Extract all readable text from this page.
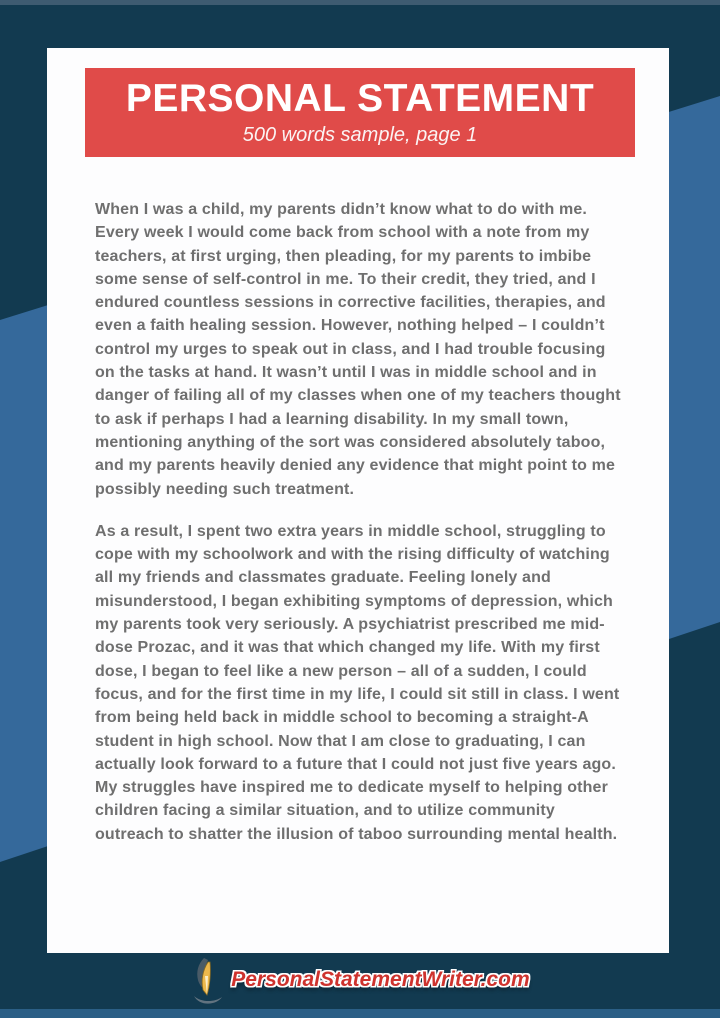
PERSONAL STATEMENT
500 words sample, page 1
When I was a child, my parents didn’t know what to do with me.
Every week I would come back from school with a note from my
teachers, at first urging, then pleading, for my parents to imbibe
some sense of self-control in me. To their credit, they tried, and I
endured countless sessions in corrective facilities, therapies, and
even a faith healing session. However, nothing helped – I couldn’t
control my urges to speak out in class, and I had trouble focusing
on the tasks at hand. It wasn’t until I was in middle school and in
danger of failing all of my classes when one of my teachers thought
to ask if perhaps I had a learning disability. In my small town,
mentioning anything of the sort was considered absolutely taboo,
and my parents heavily denied any evidence that might point to me
possibly needing such treatment.
As a result, I spent two extra years in middle school, struggling to
cope with my schoolwork and with the rising difficulty of watching
all my friends and classmates graduate. Feeling lonely and
misunderstood, I began exhibiting symptoms of depression, which
my parents took very seriously. A psychiatrist prescribed me mid-
dose Prozac, and it was that which changed my life. With my first
dose, I began to feel like a new person – all of a sudden, I could
focus, and for the first time in my life, I could sit still in class. I went
from being held back in middle school to becoming a straight-A
student in high school. Now that I am close to graduating, I can
actually look forward to a future that I could not just five years ago.
My struggles have inspired me to dedicate myself to helping other
children facing a similar situation, and to utilize community
outreach to shatter the illusion of taboo surrounding mental health.
PersonalStatementWriter.com
